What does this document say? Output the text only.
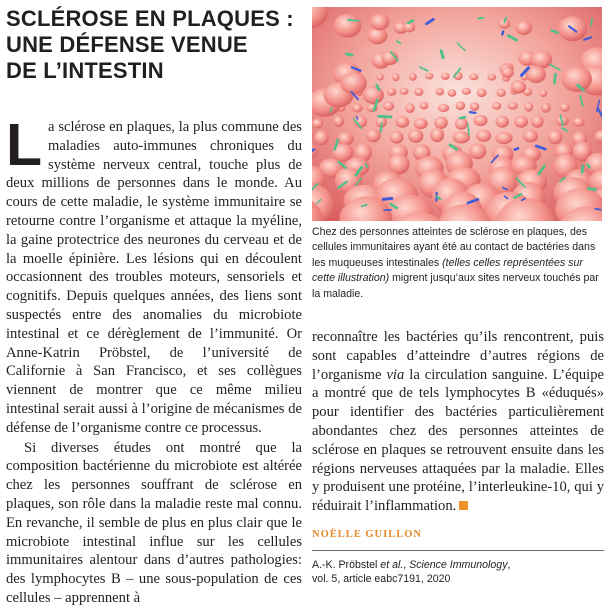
SCLÉROSE EN PLAQUES :
UNE DÉFENSE VENUE
DE L’INTESTIN

La sclérose en plaques, la plus commune des maladies auto-immunes chroniques du système nerveux central, touche plus de deux millions de personnes dans le monde. Au cours de cette maladie, le système immunitaire se retourne contre l’organisme et attaque la myéline, la gaine protectrice des neurones du cerveau et de la moelle épinière. Les lésions qui en découlent occasionnent des troubles moteurs, sensoriels et cognitifs. Depuis quelques années, des liens sont suspectés entre des anomalies du microbiote intestinal et ce dérèglement de l’immunité. Or Anne-Katrin Pröbstel, de l’université de Californie à San Francisco, et ses collègues viennent de montrer que ce même milieu intestinal serait aussi à l’origine de mécanismes de défense de l’organisme contre ce processus.

Si diverses études ont montré que la composition bactérienne du microbiote est altérée chez les personnes souffrant de sclérose en plaques, son rôle dans la maladie reste mal connu. En revanche, il semble de plus en plus clair que le microbiote intestinal influe sur les cellules immunitaires alentour dans d’autres pathologies: des lymphocytes B – une sous-population de ces cellules – apprennent à

Chez des personnes atteintes de sclérose en plaques, des cellules immunitaires ayant été au contact de bactéries dans les muqueuses intestinales (telles celles représentées sur cette illustration) migrent jusqu’aux sites nerveux touchés par la maladie.

reconnaître les bactéries qu’ils rencontrent, puis sont capables d’atteindre d’autres régions de l’organisme via la circulation sanguine. L’équipe a montré que de tels lymphocytes B «éduqués» pour identifier des bactéries particulièrement abondantes chez des personnes atteintes de sclérose en plaques se retrouvent ensuite dans les régions nerveuses attaquées par la maladie. Elles y produisent une protéine, l’interleukine-10, qui y réduirait l’inflammation.

NOËLLE GUILLON

A.-K. Pröbstel et al., Science Immunology,
vol. 5, article eabc7191, 2020
